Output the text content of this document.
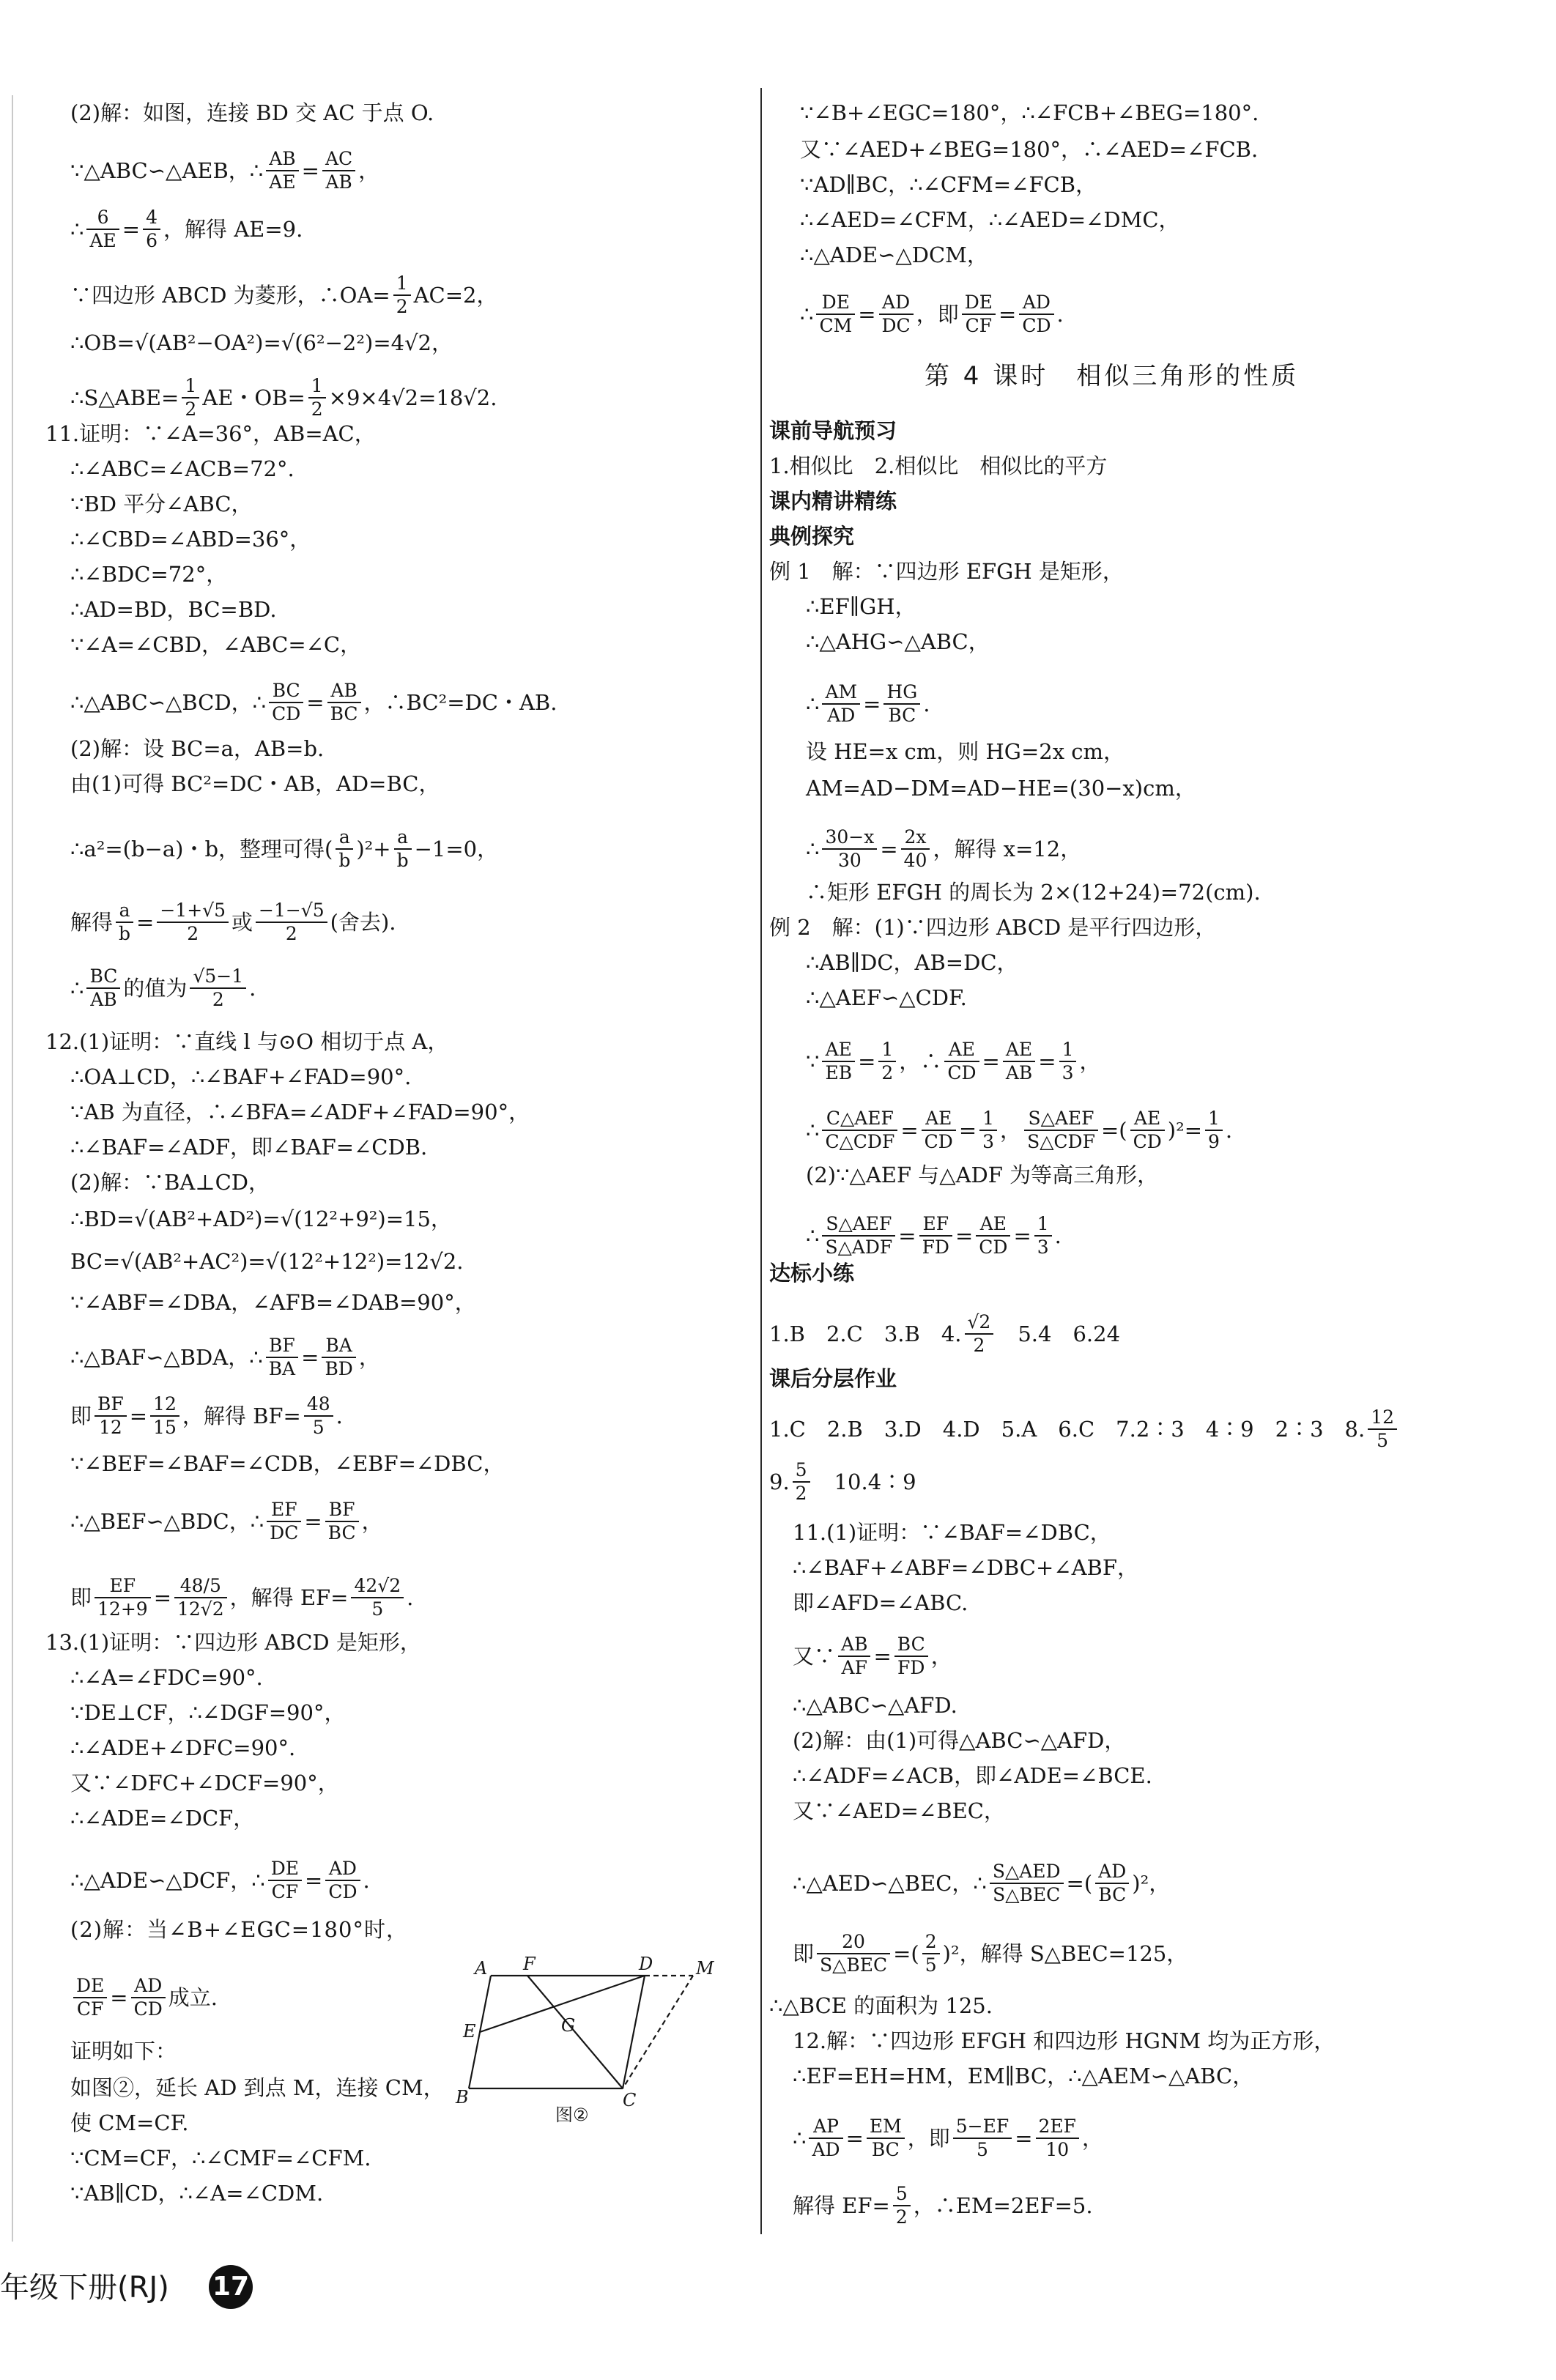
(2)解：如图，连接 BD 交 AC 于点 O.
∵△ABC∽△AEB，∴ $\frac{AB}{AE} = \frac{AC}{AB}$ ，
∴ $\frac{6}{AE} = \frac{4}{6}$ ，解得 AE=9.
∵四边形 ABCD 为菱形，∴OA= $\frac{1}{2} AC=2$，
∴OB=√(AB²−OA²)=√(6²−2²)=4√2，
∴S△ABE= $\frac{1}{2}$ AE・$OB= \frac{1}{2} \times 9\times 4√2=18√2$.
11.证明：∵∠A=36°，AB=AC，
∴∠ABC=∠ACB=72°.
∵BD 平分∠ABC，
∴∠CBD=∠ABD=36°，
∴∠BDC=72°，
∴AD=BD，BC=BD.
∵∠A=∠CBD，∠ABC=∠C，
∴△ABC∽△BCD，∴ $\frac{BC}{CD} = \frac{AB}{BC}$ ，∴BC²=DC・AB.
(2)解：设 BC=a，AB=b.
由(1)可得 BC²=DC・AB，AD=BC，
∴a²=(b−a)・b，整理可得( $\frac{a}{b} )^2+ \frac{a}{b} -1=0$，
解得 $\frac{a}{b} = \frac{-1+√5}{2}$ 或 $\frac{-1-√5}{2}$ (舍去).
∴ $\frac{BC}{AB}$ 的值为 $\frac{√5-1}{2}$ .
12.(1)证明：∵直线 l 与⊙O 相切于点 A，
∴OA⊥CD，∴∠BAF+∠FAD=90°.
∵AB 为直径，∴∠BFA=∠ADF+∠FAD=90°，
∴∠BAF=∠ADF，即∠BAF=∠CDB.
(2)解：∵BA⊥CD，
∴BD=√(AB²+AD²)=√(12²+9²)=15，
BC=√(AB²+AC²)=√(12²+12²)=12√2.
∵∠ABF=∠DBA，∠AFB=∠DAB=90°，
∴△BAF∽△BDA，∴ $\frac{BF}{BA} = \frac{BA}{BD}$ ，
即 $\frac{BF}{12} = \frac{12}{15}$ ，解得 $BF= \frac{48}{5}$ .
∵∠BEF=∠BAF=∠CDB，∠EBF=∠DBC，
∴△BEF∽△BDC，∴ $\frac{EF}{DC} = \frac{BF}{BC}$ ，
即 $\frac{EF}{12+9} = \frac{48/5}{12√2}$ ，解得 $EF= \frac{42√2}{5}$ .
13.(1)证明：∵四边形 ABCD 是矩形，
∴∠A=∠FDC=90°.
∵DE⊥CF，∴∠DGF=90°，
∴∠ADE+∠DFC=90°.
又∵∠DFC+∠DCF=90°，
∴∠ADE=∠DCF，
∴△ADE∽△DCF，∴ $\frac{DE}{CF} = \frac{AD}{CD}$ .
(2)解：当∠B+∠EGC=180°时，
$\frac{DE}{CF} = \frac{AD}{CD}$ 成立.
证明如下：
如图②，延长 AD 到点 M，连接 CM，
使 CM=CF.
∵CM=CF，∴∠CMF=∠CFM.
∵AB∥CD，∴∠A=∠CDM.
∵∠B+∠EGC=180°，∴∠FCB+∠BEG=180°.
又∵∠AED+∠BEG=180°，∴∠AED=∠FCB.
∵AD∥BC，∴∠CFM=∠FCB，
∴∠AED=∠CFM，∴∠AED=∠DMC，
∴△ADE∽△DCM，
∴ $\frac{DE}{CM} = \frac{AD}{DC}$ ，即 $\frac{DE}{CF} = \frac{AD}{CD}$ .
第 4 课时　相似三角形的性质
课前导航预习
1.相似比　2.相似比　相似比的平方
课内精讲精练
典例探究
例 1　解：∵四边形 EFGH 是矩形，
∴EF∥GH，
∴△AHG∽△ABC，
∴ $\frac{AM}{AD} = \frac{HG}{BC}$ .
设 HE=x cm，则 HG=2x cm，
AM=AD−DM=AD−HE=(30−x)cm，
∴ $\frac{30-x}{30} = \frac{2x}{40}$ ，解得 x=12，
∴矩形 EFGH 的周长为 2×(12+24)=72(cm).
例 2　解：(1)∵四边形 ABCD 是平行四边形，
∴AB∥DC，AB=DC，
∴△AEF∽△CDF.
∵ $\frac{AE}{EB} = \frac{1}{2}$ ，∴ $\frac{AE}{CD} = \frac{AE}{AB} = \frac{1}{3}$ ，
∴ $\frac{\text{C△AEF}}{\text{C△CDF}} = \frac{AE}{CD} = \frac{1}{3}$ ， $\frac{\text{S△AEF}}{\text{S△CDF}}$ =( $\frac{AE}{CD} )^2= \frac{1}{9}$ .
(2)∵△AEF 与△ADF 为等高三角形，
∴ $\frac{\text{S△AEF}}{\text{S△ADF}} = \frac{EF}{FD} = \frac{AE}{CD} = \frac{1}{3}$ .
达标小练
1.B　2.C　3.B　4. $\frac{√2}{2}$ 　5.4　6.24
课后分层作业
1.C　2.B　3.D　4.D　5.A　6.C　7.2∶3　4∶9　2∶3　8. $\frac{12}{5}$
9. $\frac{5}{2}$ 　10.4∶9
11.(1)证明：∵∠BAF=∠DBC，
∴∠BAF+∠ABF=∠DBC+∠ABF，
即∠AFD=∠ABC.
又∵ $\frac{AB}{AF} = \frac{BC}{FD}$ ，
∴△ABC∽△AFD.
(2)解：由(1)可得△ABC∽△AFD，
∴∠ADF=∠ACB，即∠ADE=∠BCE.
又∵∠AED=∠BEC，
∴△AED∽△BEC，∴ $\frac{\text{S△AED}}{\text{S△BEC}}$ =( $\frac{AD}{BC} )^2$，
即 $\frac{20}{\text{S△BEC}}$ =( $\frac{2}{5} )^2$，解得 S△BEC=125，
∴△BCE 的面积为 125.
12.解：∵四边形 EFGH 和四边形 HGNM 均为正方形，
∴EF=EH=HM，EM∥BC，∴△AEM∽△ABC，
∴ $\frac{AP}{AD} = \frac{EM}{BC}$ ，即 $\frac{5-EF}{5} = \frac{2EF}{10}$ ，
解得 $EF= \frac{5}{2}$ ，∴EM=2EF=5.
A F	D M
E	G
B	C
图②
年级下册(RJ) 17
